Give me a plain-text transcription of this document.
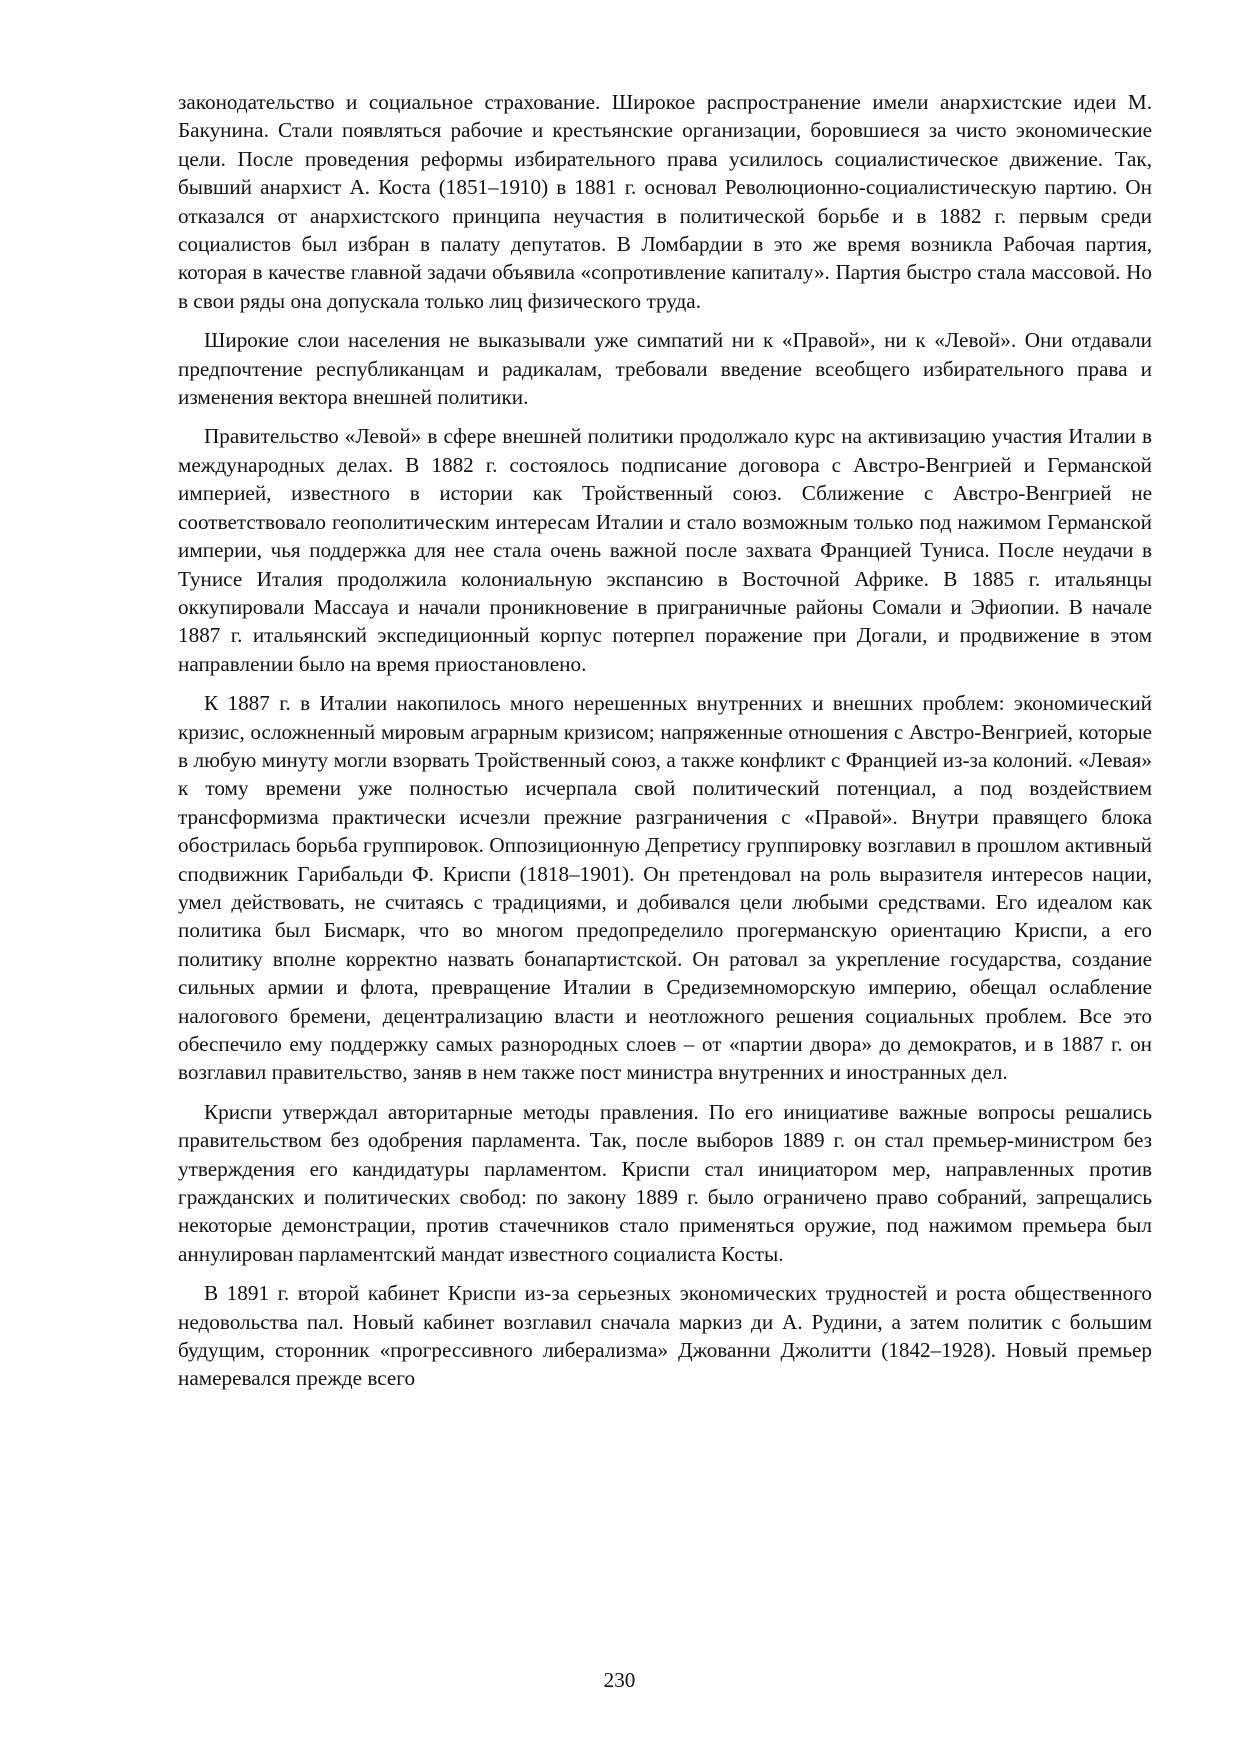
законодательство и социальное страхование. Широкое распространение имели анархистские идеи М. Бакунина. Стали появляться рабочие и крестьянские организации, боровшиеся за чисто экономические цели. После проведения реформы избирательного права усилилось социалистическое движение. Так, бывший анархист А. Коста (1851–1910) в 1881 г. основал Революционно-социалистическую партию. Он отказался от анархистского принципа неучастия в политической борьбе и в 1882 г. первым среди социалистов был избран в палату депутатов. В Ломбардии в это же время возникла Рабочая партия, которая в качестве главной задачи объявила «сопротивление капиталу». Партия быстро стала массовой. Но в свои ряды она допускала только лиц физического труда.

Широкие слои населения не выказывали уже симпатий ни к «Правой», ни к «Левой». Они отдавали предпочтение республиканцам и радикалам, требовали введение всеобщего избирательного права и изменения вектора внешней политики.

Правительство «Левой» в сфере внешней политики продолжало курс на активизацию участия Италии в международных делах. В 1882 г. состоялось подписание договора с Австро-Венгрией и Германской империей, известного в истории как Тройственный союз. Сближение с Австро-Венгрией не соответствовало геополитическим интересам Италии и стало возможным только под нажимом Германской империи, чья поддержка для нее стала очень важной после захвата Францией Туниса. После неудачи в Тунисе Италия продолжила колониальную экспансию в Восточной Африке. В 1885 г. итальянцы оккупировали Массауа и начали проникновение в приграничные районы Сомали и Эфиопии. В начале 1887 г. итальянский экспедиционный корпус потерпел поражение при Догали, и продвижение в этом направлении было на время приостановлено.

К 1887 г. в Италии накопилось много нерешенных внутренних и внешних проблем: экономический кризис, осложненный мировым аграрным кризисом; напряженные отношения с Австро-Венгрией, которые в любую минуту могли взорвать Тройственный союз, а также конфликт с Францией из-за колоний. «Левая» к тому времени уже полностью исчерпала свой политический потенциал, а под воздействием трансформизма практически исчезли прежние разграничения с «Правой». Внутри правящего блока обострилась борьба группировок. Оппозиционную Депретису группировку возглавил в прошлом активный сподвижник Гарибальди Ф. Криспи (1818–1901). Он претендовал на роль выразителя интересов нации, умел действовать, не считаясь с традициями, и добивался цели любыми средствами. Его идеалом как политика был Бисмарк, что во многом предопределило прогерманскую ориентацию Криспи, а его политику вполне корректно назвать бонапартистской. Он ратовал за укрепление государства, создание сильных армии и флота, превращение Италии в Средиземноморскую империю, обещал ослабление налогового бремени, децентрализацию власти и неотложного решения социальных проблем. Все это обеспечило ему поддержку самых разнородных слоев – от «партии двора» до демократов, и в 1887 г. он возглавил правительство, заняв в нем также пост министра внутренних и иностранных дел.

Криспи утверждал авторитарные методы правления. По его инициативе важные вопросы решались правительством без одобрения парламента. Так, после выборов 1889 г. он стал премьер-министром без утверждения его кандидатуры парламентом. Криспи стал инициатором мер, направленных против гражданских и политических свобод: по закону 1889 г. было ограничено право собраний, запрещались некоторые демонстрации, против стачечников стало применяться оружие, под нажимом премьера был аннулирован парламентский мандат известного социалиста Косты.

В 1891 г. второй кабинет Криспи из-за серьезных экономических трудностей и роста общественного недовольства пал. Новый кабинет возглавил сначала маркиз ди А. Рудини, а затем политик с большим будущим, сторонник «прогрессивного либерализма» Джованни Джолитти (1842–1928). Новый премьер намеревался прежде всего

230
